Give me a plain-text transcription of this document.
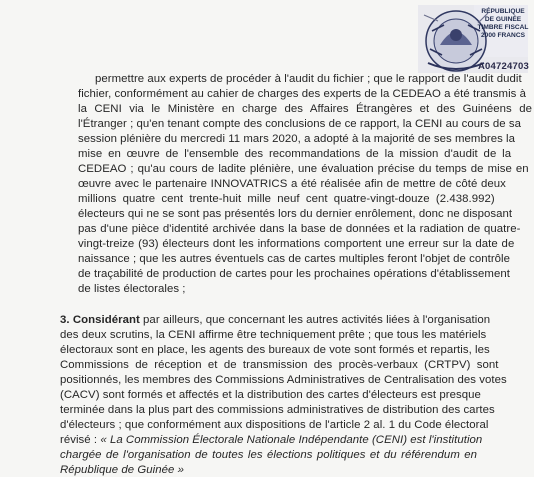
RÉPUBLIQUE
DE GUINÉE
TIMBRE FISCAL
2000 FRANCS
A04724703
permettre aux experts de procéder à l'audit du fichier ; que le rapport de l'audit dudit
fichier, conformément au cahier de charges des experts de la CEDEAO a été transmis à
la CENI via le Ministère en charge des Affaires Étrangères et des Guinéens de
l'Étranger ; qu'en tenant compte des conclusions de ce rapport, la CENI au cours de sa
session plénière du mercredi 11 mars 2020, a adopté à la majorité de ses membres la
mise en œuvre de l'ensemble des recommandations de la mission d'audit de la
CEDEAO ; qu'au cours de ladite plénière, une évaluation précise du temps de mise en
œuvre avec le partenaire INNOVATRICS a été réalisée afin de mettre de côté deux
millions quatre cent trente-huit mille neuf cent quatre-vingt-douze (2.438.992)
électeurs qui ne se sont pas présentés lors du dernier enrôlement, donc ne disposant
pas d'une pièce d'identité archivée dans la base de données et la radiation de quatre-
vingt-treize (93) électeurs dont les informations comportent une erreur sur la date de
naissance ; que les autres éventuels cas de cartes multiples feront l'objet de contrôle
de traçabilité de production de cartes pour les prochaines opérations d'établissement
de listes électorales ;
3. Considérant par ailleurs, que concernant les autres activités liées à l'organisation
des deux scrutins, la CENI affirme être techniquement prête ; que tous les matériels
électoraux sont en place, les agents des bureaux de vote sont formés et repartis, les
Commissions de réception et de transmission des procès-verbaux (CRTPV) sont
positionnés, les membres des Commissions Administratives de Centralisation des votes
(CACV) sont formés et affectés et la distribution des cartes d'électeurs est presque
terminée dans la plus part des commissions administratives de distribution des cartes
d'électeurs ; que conformément aux dispositions de l'article 2 al. 1 du Code électoral
révisé : « La Commission Électorale Nationale Indépendante (CENI) est l'institution
chargée de l'organisation de toutes les élections politiques et du référendum en
République de Guinée »
